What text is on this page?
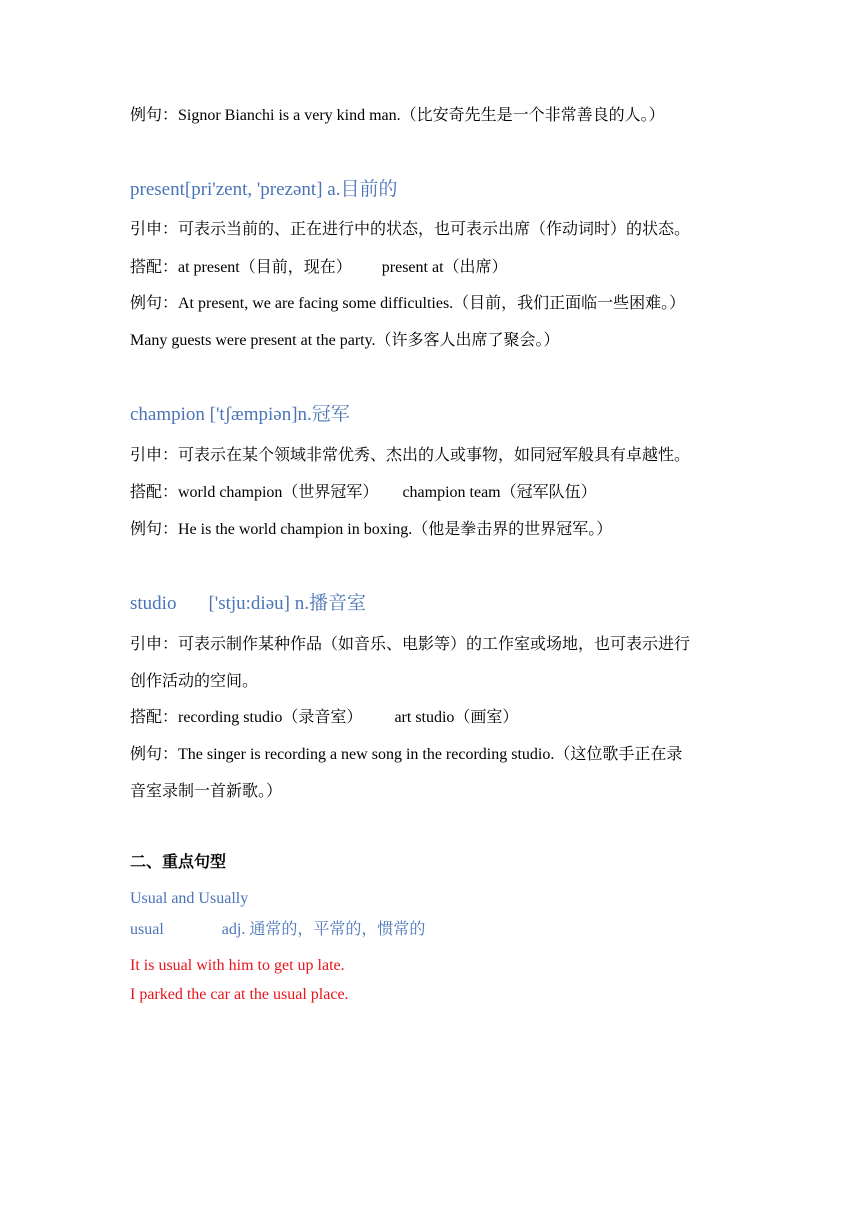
例句：Signor Bianchi is a very kind man.（比安奇先生是一个非常善良的人。）
present[pri'zent, 'prezənt] a.目前的
引申：可表示当前的、正在进行中的状态，也可表示出席（作动词时）的状态。
搭配：at present（目前，现在） present at（出席）
例句：At present, we are facing some difficulties.（目前，我们正面临一些困难。）
Many guests were present at the party.（许多客人出席了聚会。）
champion ['tʃæmpiən]n.冠军
引申：可表示在某个领域非常优秀、杰出的人或事物，如同冠军般具有卓越性。
搭配：world champion（世界冠军） champion team（冠军队伍）
例句：He is the world champion in boxing.（他是拳击界的世界冠军。）
studio ['stju:diəu] n.播音室
引申：可表示制作某种作品（如音乐、电影等）的工作室或场地，也可表示进行
创作活动的空间。
搭配：recording studio（录音室） art studio（画室）
例句：The singer is recording a new song in the recording studio.（这位歌手正在录
音室录制一首新歌。）
二、重点句型
Usual and Usually
usual	adj. 通常的，平常的，惯常的
It is usual with him to get up late.
I parked the car at the usual place.
